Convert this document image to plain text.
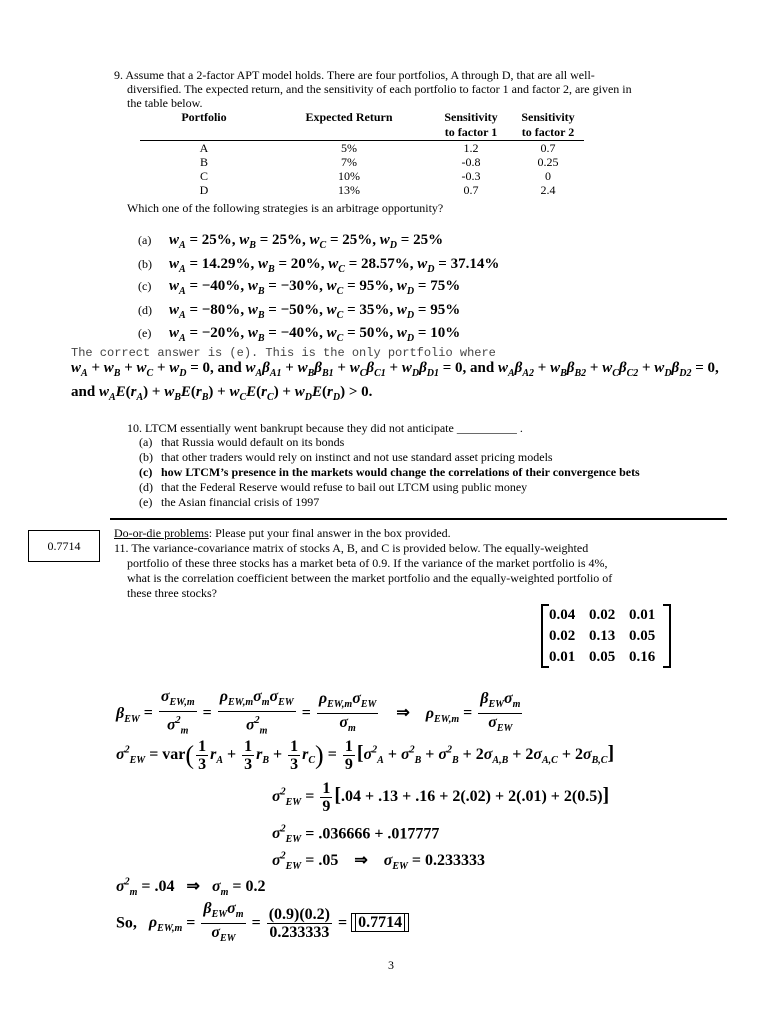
9. Assume that a 2-factor APT model holds. There are four portfolios, A through D, that are all well-
diversified. The expected return, and the sensitivity of each portfolio to factor 1 and factor 2, are given in
the table below.
Portfolio	Expected Return	Sensitivity	Sensitivity
		to factor 1	to factor 2
A	5%	1.2	0.7
B	7%	-0.8	0.25
C	10%	-0.3	0
D	13%	0.7	2.4
Which one of the following strategies is an arbitrage opportunity?
(a) $w_A = 25\%$, $w_B = 25\%$, $w_C = 25\%$, $w_D = 25\%$
(b) $w_A = 14.29\%$, $w_B = 20\%$, $w_C = 28.57\%$, $w_D = 37.14\%$
(c) $w_A = -40\%$, $w_B = -30\%$, $w_C = 95\%$, $w_D = 75\%$
(d) $w_A = -80\%$, $w_B = -50\%$, $w_C = 35\%$, $w_D = 95\%$
(e) $w_A = -20\%$, $w_B = -40\%$, $w_C = 50\%$, $w_D = 10\%$
The correct answer is (e). This is the only portfolio where
$w_A + w_B + w_C + w_D = 0$, and $w_A\beta_{A1} + w_B\beta_{B1} + w_C\beta_{C1} + w_D\beta_{D1} = 0$, and $w_A\beta_{A2} + w_B\beta_{B2} + w_C\beta_{C2} + w_D\beta_{D2} = 0$,
and $w_AE(r_A) + w_BE(r_B) + w_CE(r_C) + w_DE(r_D) > 0$.
10. LTCM essentially went bankrupt because they did not anticipate __________ .
(a) that Russia would default on its bonds
(b) that other traders would rely on instinct and not use standard asset pricing models
(c) how LTCM’s presence in the markets would change the correlations of their convergence bets
(d) that the Federal Reserve would refuse to bail out LTCM using public money
(e) the Asian financial crisis of 1997
0.7714
Do-or-die problems: Please put your final answer in the box provided.
11. The variance-covariance matrix of stocks A, B, and C is provided below. The equally-weighted
portfolio of these three stocks has a market beta of 0.9. If the variance of the market portfolio is 4%,
what is the correlation coefficient between the market portfolio and the equally-weighted portfolio of
these three stocks?
0.04 0.02 0.01
0.02 0.13 0.05
0.01 0.05 0.16
$\beta_{EW} = \frac{\sigma_{EW,m}}{\sigma^2_m} = \frac{\rho_{EW,m}\sigma_m\sigma_{EW}}{\sigma^2_m} = \frac{\rho_{EW,m}\sigma_{EW}}{\sigma_m}$ ⇒    $\rho_{EW,m} = \frac{\beta_{EW}\sigma_m}{\sigma_{EW}}$
$\sigma^2_{EW} = var( \frac{1}{3} r_A + \frac{1}{3} r_B + \frac{1}{3} r_C) = \frac{1}{9} [\sigma^2_A + \sigma^2_B + \sigma^2_B + 2\sigma_{A,B} + 2\sigma_{A,C} + 2\sigma_{B,C}]$
$\sigma^2_{EW} = \frac{1}{9} [.04 + .13 + .16 + 2(.02) + 2(.01) + 2(0.5)]$
$\sigma^2_{EW} = .036666 + .017777$
$\sigma^2_{EW} = .05$    ⇒    $\sigma_{EW} = 0.233333$
$\sigma^2_m = .04$   ⇒   $\sigma_m = 0.2$
So, $\rho_{EW,m} = \frac{\beta_{EW}\sigma_m}{\sigma_{EW}} = \frac{(0.9)(0.2)}{0.233333} = 0.7714$
3
